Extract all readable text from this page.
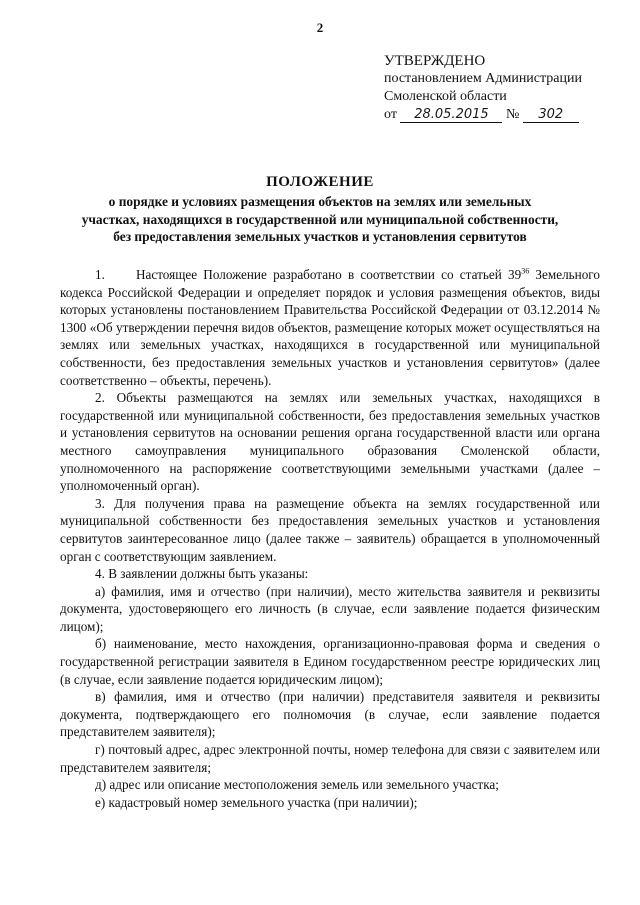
2
УТВЕРЖДЕНО
постановлением Администрации
Смоленской области
от 28.05.2015 № 302
ПОЛОЖЕНИЕ
о порядке и условиях размещения объектов на землях или земельных
участках, находящихся в государственной или муниципальной собственности,
без предоставления земельных участков и установления сервитутов

1.     Настоящее Положение разработано в соответствии со статьей $39^{36}$ Земельного кодекса Российской Федерации и определяет порядок и условия размещения объектов, виды которых установлены постановлением Правительства Российской Федерации от 03.12.2014 № 1300 «Об утверждении перечня видов объектов, размещение которых может осуществляться на землях или земельных участках, находящихся в государственной или муниципальной собственности, без предоставления земельных участков и установления сервитутов» (далее соответственно – объекты, перечень).

2. Объекты размещаются на землях или земельных участках, находящихся в государственной или муниципальной собственности, без предоставления земельных участков и установления сервитутов на основании решения органа государственной власти или органа местного самоуправления муниципального образования Смоленской области, уполномоченного на распоряжение соответствующими земельными участками (далее – уполномоченный орган).

3. Для получения права на размещение объекта на землях государственной или муниципальной собственности без предоставления земельных участков и установления сервитутов заинтересованное лицо (далее также – заявитель) обращается в уполномоченный орган с соответствующим заявлением.

4. В заявлении должны быть указаны:

а) фамилия, имя и отчество (при наличии), место жительства заявителя и реквизиты документа, удостоверяющего его личность (в случае, если заявление подается физическим лицом);

б) наименование, место нахождения, организационно-правовая форма и сведения о государственной регистрации заявителя в Едином государственном реестре юридических лиц (в случае, если заявление подается юридическим лицом);

в) фамилия, имя и отчество (при наличии) представителя заявителя и реквизиты документа, подтверждающего его полномочия (в случае, если заявление подается представителем заявителя);

г) почтовый адрес, адрес электронной почты, номер телефона для связи с заявителем или представителем заявителя;

д) адрес или описание местоположения земель или земельного участка;

е) кадастровый номер земельного участка (при наличии);
